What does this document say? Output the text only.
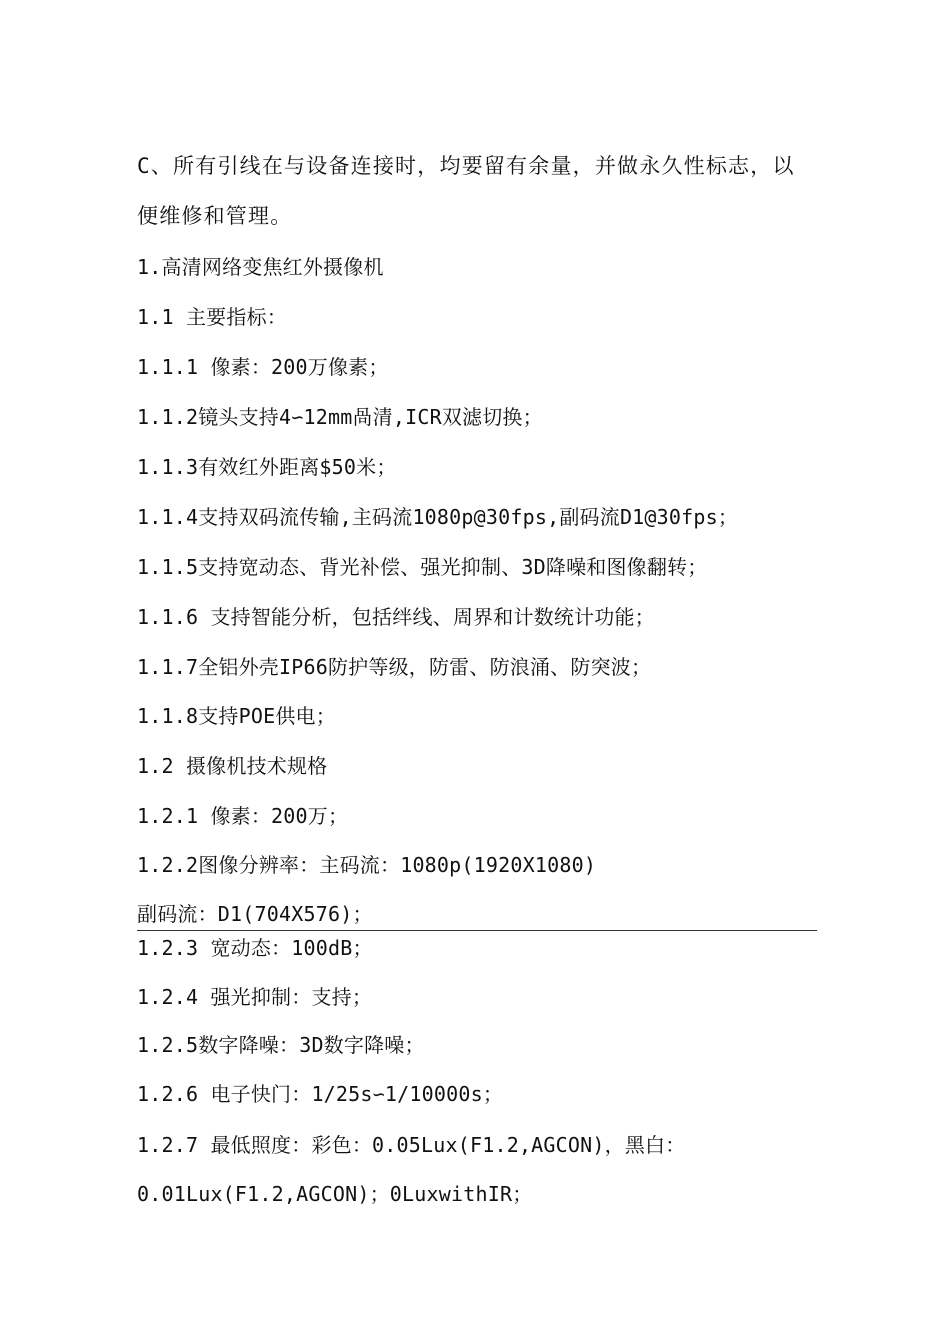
C、所有引线在与设备连接时，均要留有余量，并做永久性标志，以
便维修和管理。
1.高清网络变焦红外摄像机
1.1 主要指标：
1.1.1 像素：200万像素；
1.1.2镜头支持4∽12mm咼清,ICR双滤切换；
1.1.3有效红外距离$50米；
1.1.4支持双码流传输,主码流1080p@30fps,副码流D1@30fps；
1.1.5支持宽动态、背光补偿、强光抑制、3D降噪和图像翻转；
1.1.6 支持智能分析，包括绊线、周界和计数统计功能；
1.1.7全铝外壳IP66防护等级，防雷、防浪涌、防突波；
1.1.8支持POE供电；
1.2 摄像机技术规格
1.2.1 像素：200万；
1.2.2图像分辨率：主码流：1080p(1920X1080)
副码流：D1(704X576)；
1.2.3 宽动态：100dB；
1.2.4 强光抑制：支持；
1.2.5数字降噪：3D数字降噪；
1.2.6 电子快门：1/25s∽1/10000s；
1.2.7 最低照度：彩色：0.05Lux(F1.2,AGCON)，黑白：
0.01Lux(F1.2,AGCON)；0LuxwithIR；
